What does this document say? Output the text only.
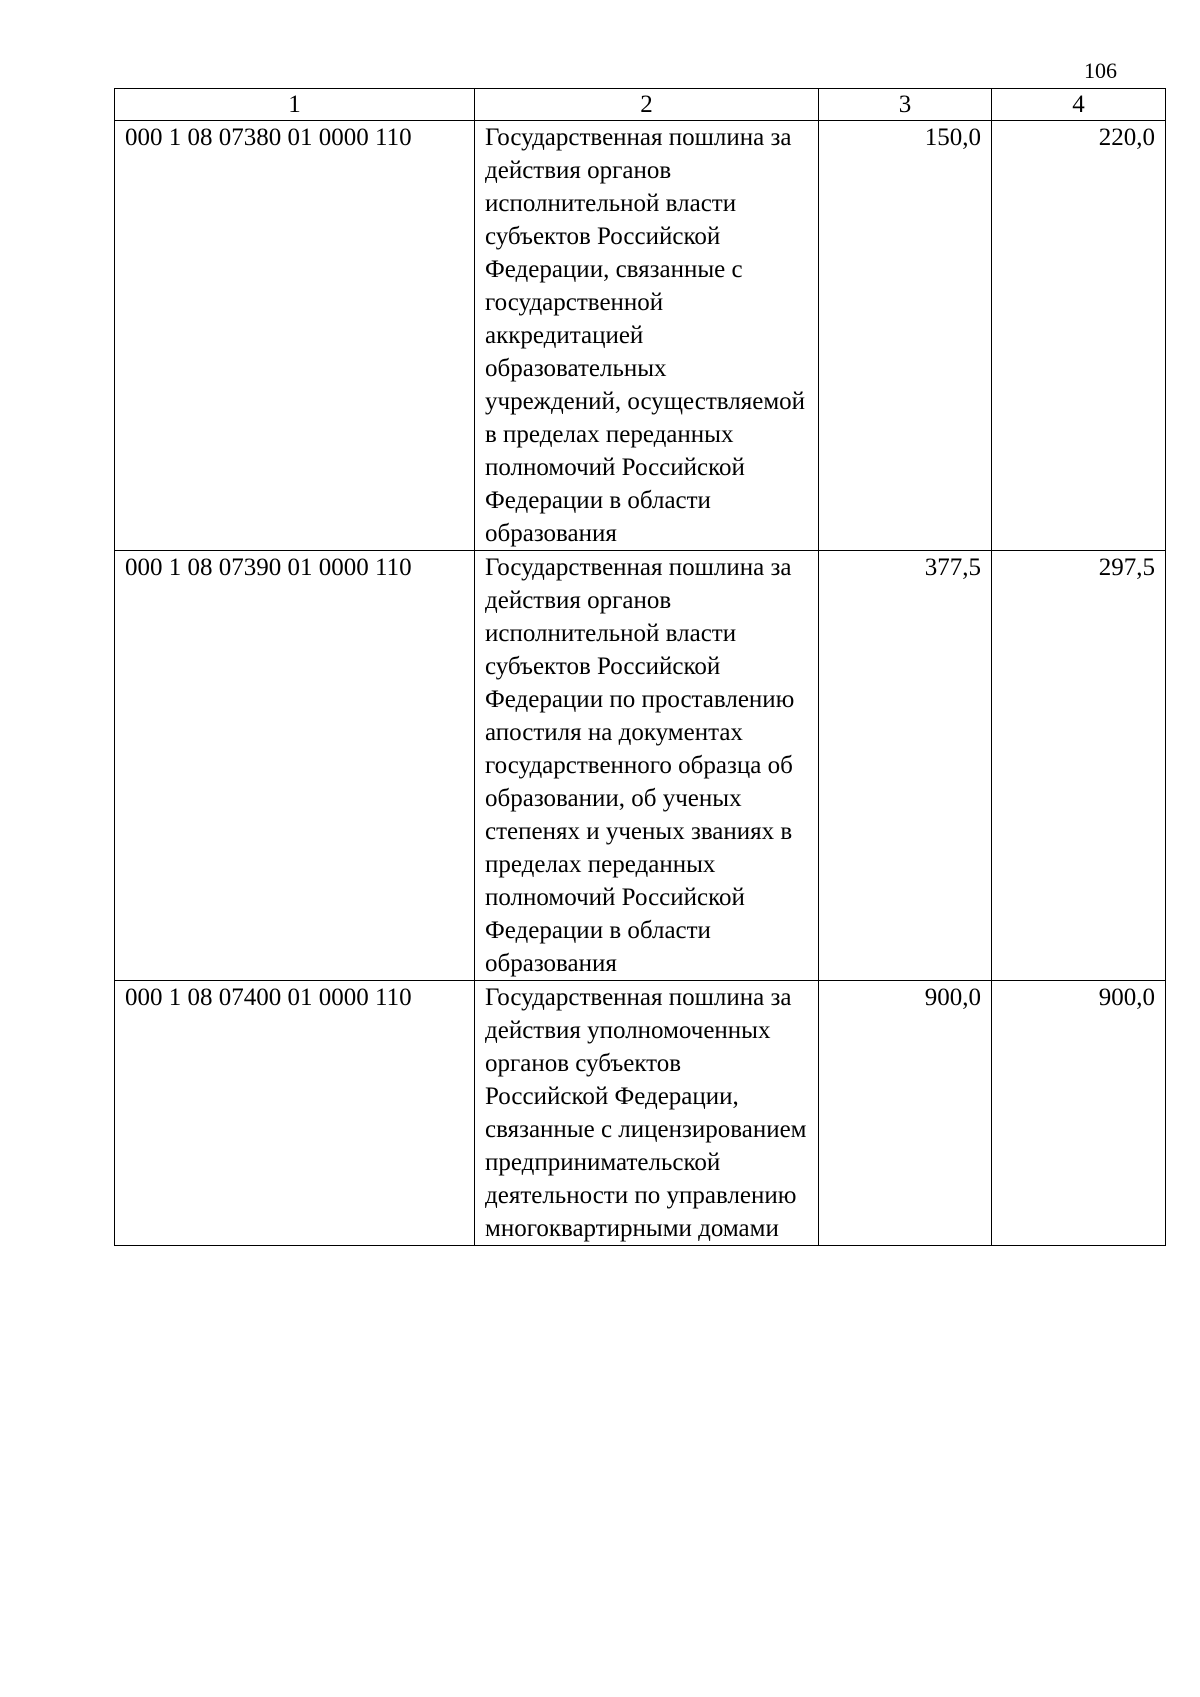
106
1	2	3	4
000 1 08 07380 01 0000 110	Государственная пошлина за действия органов исполнительной власти субъектов Российской Федерации, связанные с государственной аккредитацией образовательных учреждений, осуществляемой в пределах переданных полномочий Российской Федерации в области образования	150,0	220,0
000 1 08 07390 01 0000 110	Государственная пошлина за действия органов исполнительной власти субъектов Российской Федерации по проставлению апостиля на документах государственного образца об образовании, об ученых степенях и ученых званиях в пределах переданных полномочий Российской Федерации в области образования	377,5	297,5
000 1 08 07400 01 0000 110	Государственная пошлина за действия уполномоченных органов субъектов Российской Федерации, связанные с лицензированием предпринимательской деятельности по управлению многоквартирными домами	900,0	900,0
